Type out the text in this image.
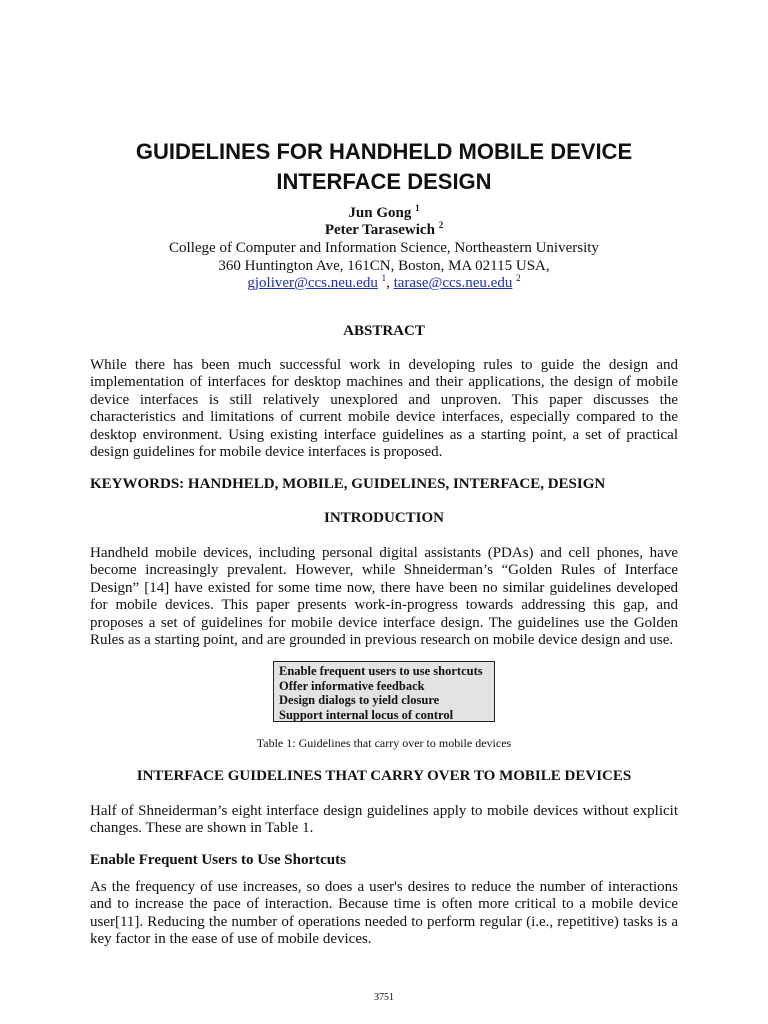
GUIDELINES FOR HANDHELD MOBILE DEVICE
INTERFACE DESIGN
Jun Gong $^1$
Peter Tarasewich $^2$
College of Computer and Information Science, Northeastern University
360 Huntington Ave, 161CN, Boston, MA 02115 USA,
gjoliver@ccs.neu.edu $^1$, tarase@ccs.neu.edu $^2$
ABSTRACT
While there has been much successful work in developing rules to guide the design and
implementation of interfaces for desktop machines and their applications, the design of mobile
device interfaces is still relatively unexplored and unproven. This paper discusses the
characteristics and limitations of current mobile device interfaces, especially compared to the
desktop environment. Using existing interface guidelines as a starting point, a set of practical
design guidelines for mobile device interfaces is proposed.
KEYWORDS: HANDHELD, MOBILE, GUIDELINES, INTERFACE, DESIGN
INTRODUCTION
Handheld mobile devices, including personal digital assistants (PDAs) and cell phones, have
become increasingly prevalent. However, while Shneiderman’s “Golden Rules of Interface
Design” [14] have existed for some time now, there have been no similar guidelines developed
for mobile devices. This paper presents work-in-progress towards addressing this gap, and
proposes a set of guidelines for mobile device interface design. The guidelines use the Golden
Rules as a starting point, and are grounded in previous research on mobile device design and use.
Enable frequent users to use shortcuts
Offer informative feedback
Design dialogs to yield closure
Support internal locus of control
Table 1: Guidelines that carry over to mobile devices
INTERFACE GUIDELINES THAT CARRY OVER TO MOBILE DEVICES
Half of Shneiderman’s eight interface design guidelines apply to mobile devices without explicit
changes. These are shown in Table 1.
Enable Frequent Users to Use Shortcuts
As the frequency of use increases, so does a user's desires to reduce the number of interactions
and to increase the pace of interaction. Because time is often more critical to a mobile device
user[11]. Reducing the number of operations needed to perform regular (i.e., repetitive) tasks is a
key factor in the ease of use of mobile devices.
3751
